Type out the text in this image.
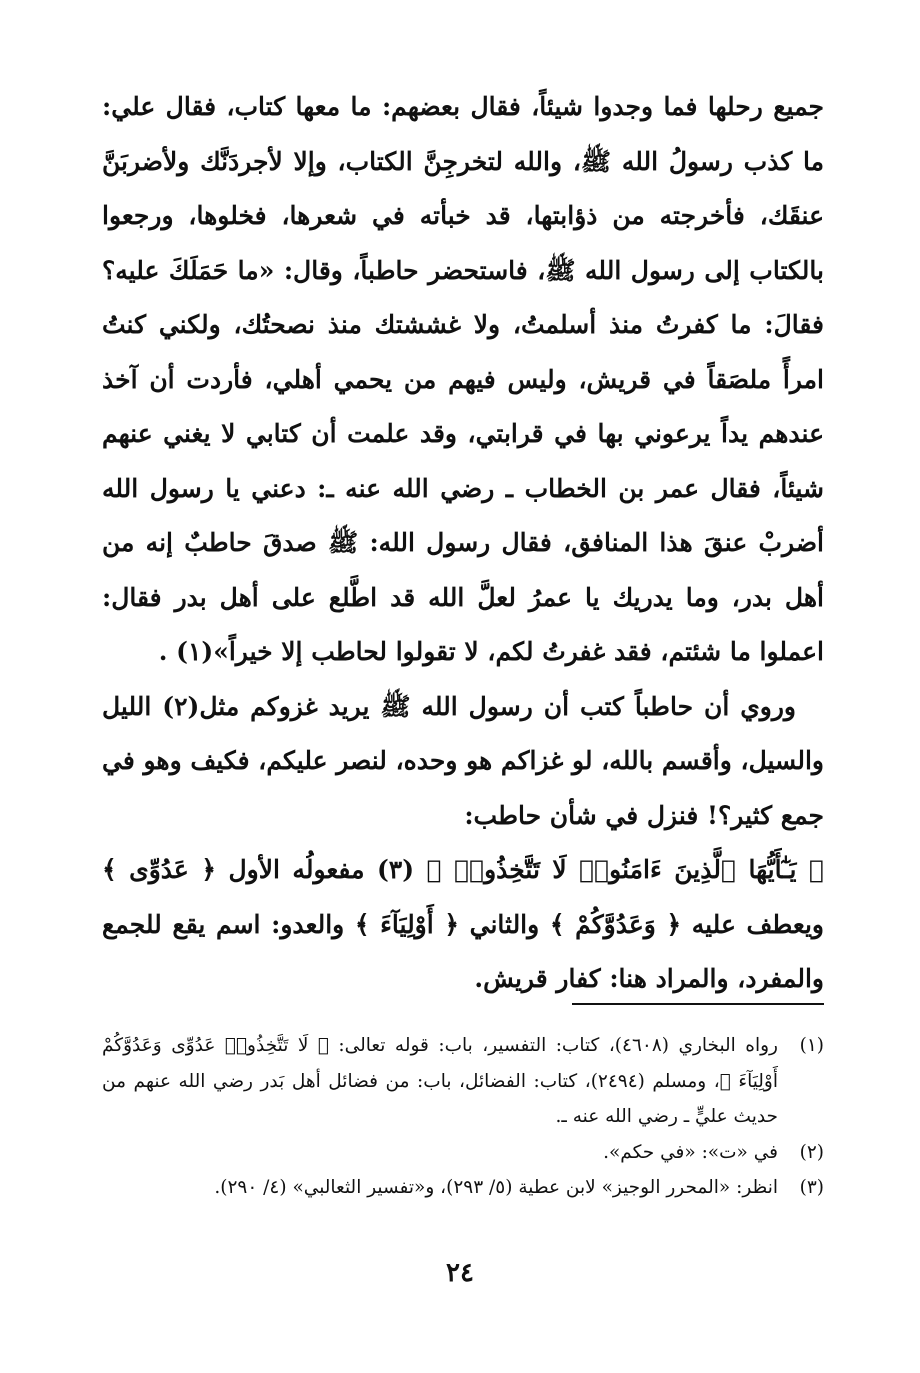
جميع رحلها فما وجدوا شيئاً، فقال بعضهم: ما معها كتاب، فقال علي: ما كذب رسولُ الله ﷺ، والله لتخرجِنَّ الكتاب، وإلا لأجردَنَّك ولأضربَنَّ عنقَك، فأخرجته من ذؤابتها، قد خبأته في شعرها، فخلوها، ورجعوا بالكتاب إلى رسول الله ﷺ، فاستحضر حاطباً، وقال: «ما حَمَلَكَ عليه؟ فقالَ: ما كفرتُ منذ أسلمتُ، ولا غششتك منذ نصحتُك، ولكني كنتُ امرأً ملصَقاً في قريش، وليس فيهم من يحمي أهلي، فأردت أن آخذ عندهم يداً يرعوني بها في قرابتي، وقد علمت أن كتابي لا يغني عنهم شيئاً، فقال عمر بن الخطاب ـ رضي الله عنه ـ: دعني يا رسول الله أضربْ عنقَ هذا المنافق، فقال رسول الله: ﷺ صدقَ حاطبٌ إنه من أهل بدر، وما يدريك يا عمرُ لعلَّ الله قد اطَّلع على أهل بدر فقال: اعملوا ما شئتم، فقد غفرتُ لكم، لا تقولوا لحاطب إلا خيراً»(١) .

وروي أن حاطباً كتب أن رسول الله ﷺ يريد غزوكم مثل(٢) الليل والسيل، وأقسم بالله، لو غزاكم هو وحده، لنصر عليكم، فكيف وهو في جمع كثير؟! فنزل في شأن حاطب:

﴿ يَـٰٓأَيُّهَا ٱلَّذِينَ ءَامَنُوا۟ لَا تَتَّخِذُوا۟ ﴾ (٣) مفعولُه الأول ﴿ عَدُوِّى ﴾ ويعطف عليه ﴿ وَعَدُوَّكُمْ ﴾ والثاني ﴿ أَوْلِيَآءَ ﴾ والعدو: اسم يقع للجمع والمفرد، والمراد هنا: كفار قريش.

(١)
رواه البخاري (٤٦٠٨)، كتاب: التفسير، باب: قوله تعالى: ﴿ لَا تَتَّخِذُوا۟ عَدُوِّى وَعَدُوَّكُمْ أَوْلِيَآءَ ﴾، ومسلم (٢٤٩٤)، كتاب: الفضائل، باب: من فضائل أهل بَدر رضي الله عنهم من حديث عليٍّ ـ رضي الله عنه ـ.
(٢)
في «ت»: «في حكم».
(٣)
انظر: «المحرر الوجيز» لابن عطية (٥/ ٢٩٣)، و«تفسير الثعالبي» (٤/ ٢٩٠).
٢٤
